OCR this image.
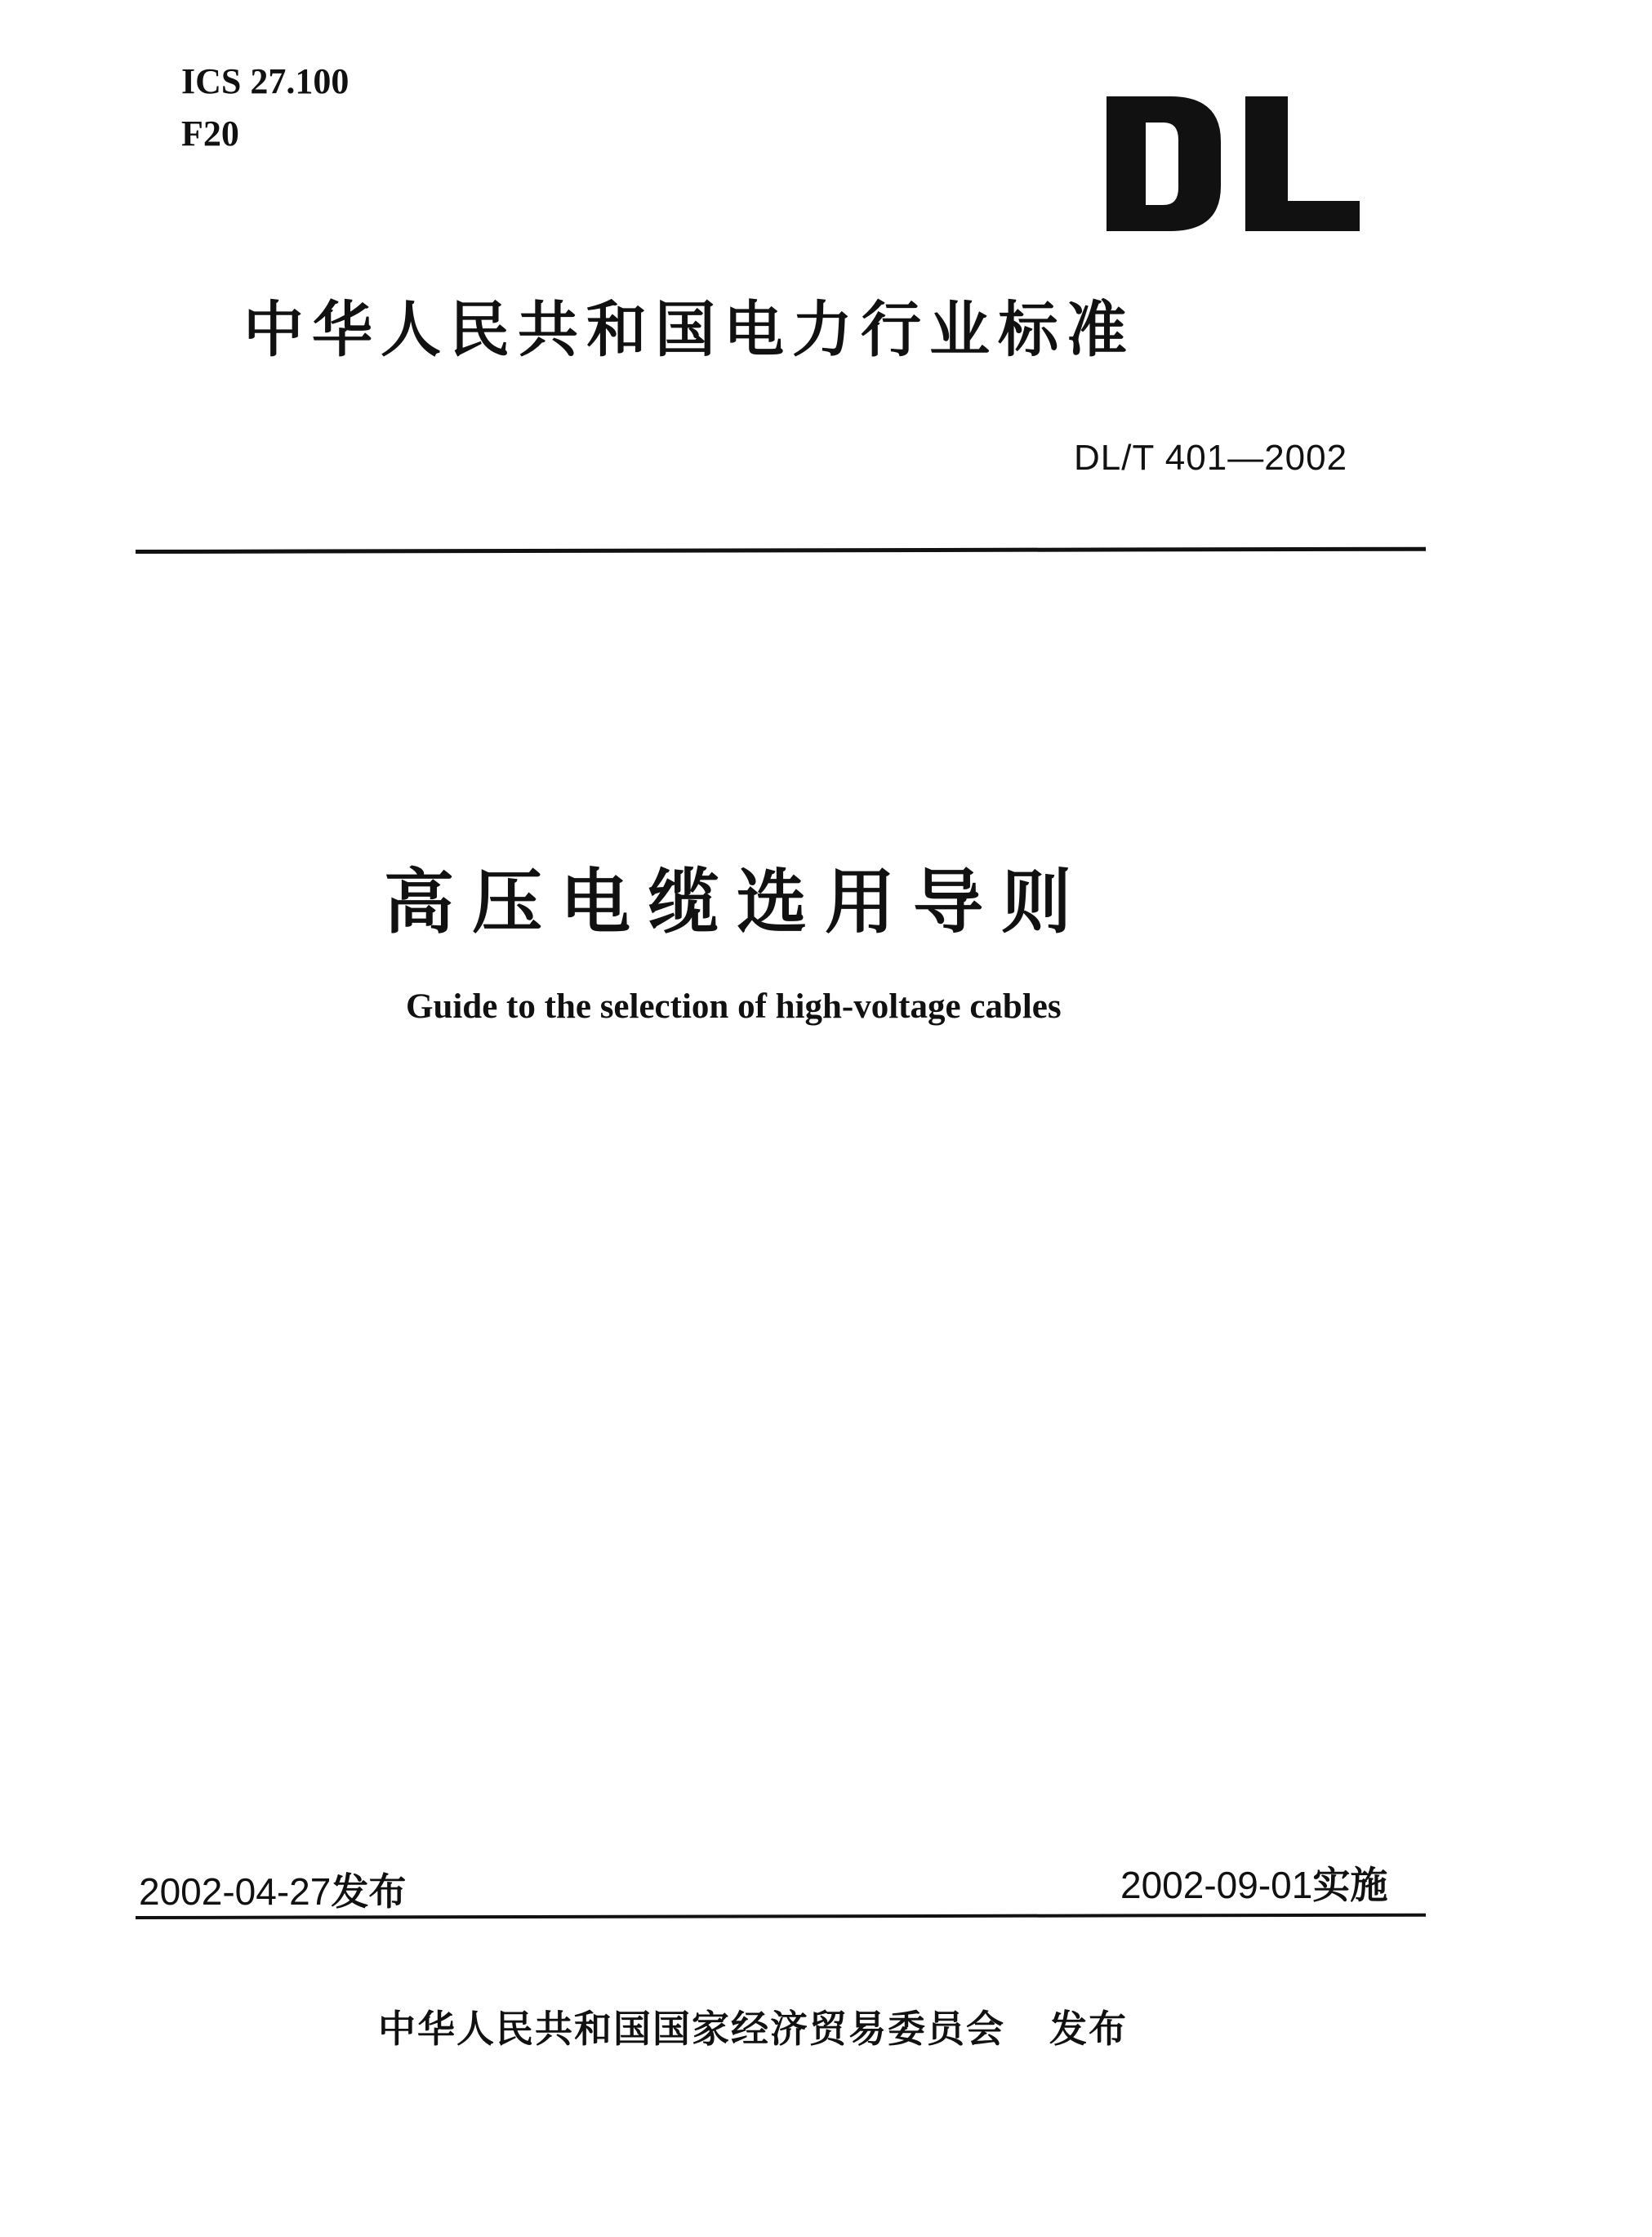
ICS 27.100
F20
中华人民共和国电力行业标准
DL/T 401—2002
高压电缆选用导则
Guide to the selection of high-voltage cables
2002-04-27发布	2002-09-01实施
中华人民共和国国家经济贸易委员会 发布
